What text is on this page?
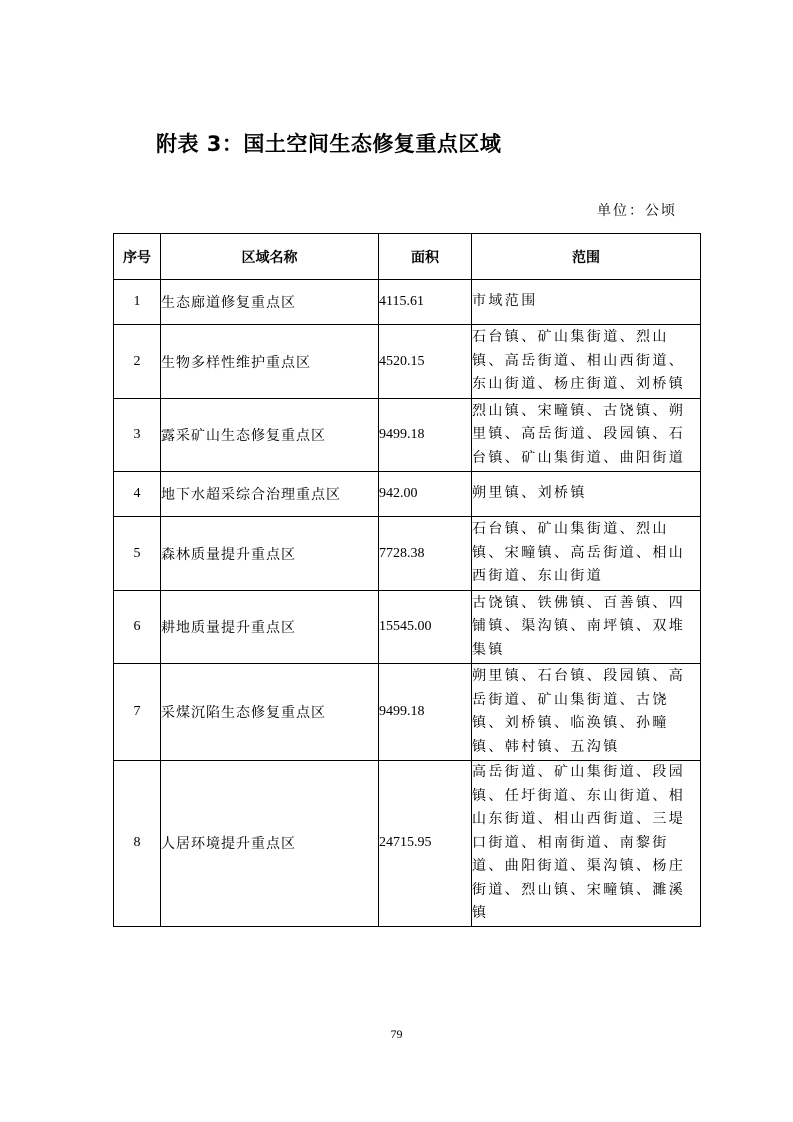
附表 3：国土空间生态修复重点区域
单位：公顷
序号	区域名称	面积	范围
1	生态廊道修复重点区	4115.61	市域范围
2	生物多样性维护重点区	4520.15	石台镇、矿山集街道、烈山镇、高岳街道、相山西街道、东山街道、杨庄街道、刘桥镇
3	露采矿山生态修复重点区	9499.18	烈山镇、宋疃镇、古饶镇、朔里镇、高岳街道、段园镇、石台镇、矿山集街道、曲阳街道
4	地下水超采综合治理重点区	942.00	朔里镇、刘桥镇
5	森林质量提升重点区	7728.38	石台镇、矿山集街道、烈山镇、宋疃镇、高岳街道、相山西街道、东山街道
6	耕地质量提升重点区	15545.00	古饶镇、铁佛镇、百善镇、四铺镇、渠沟镇、南坪镇、双堆集镇
7	采煤沉陷生态修复重点区	9499.18	朔里镇、石台镇、段园镇、高岳街道、矿山集街道、古饶镇、刘桥镇、临涣镇、孙疃镇、韩村镇、五沟镇
8	人居环境提升重点区	24715.95	高岳街道、矿山集街道、段园镇、任圩街道、东山街道、相山东街道、相山西街道、三堤口街道、相南街道、南黎街道、曲阳街道、渠沟镇、杨庄街道、烈山镇、宋疃镇、濉溪镇
79
